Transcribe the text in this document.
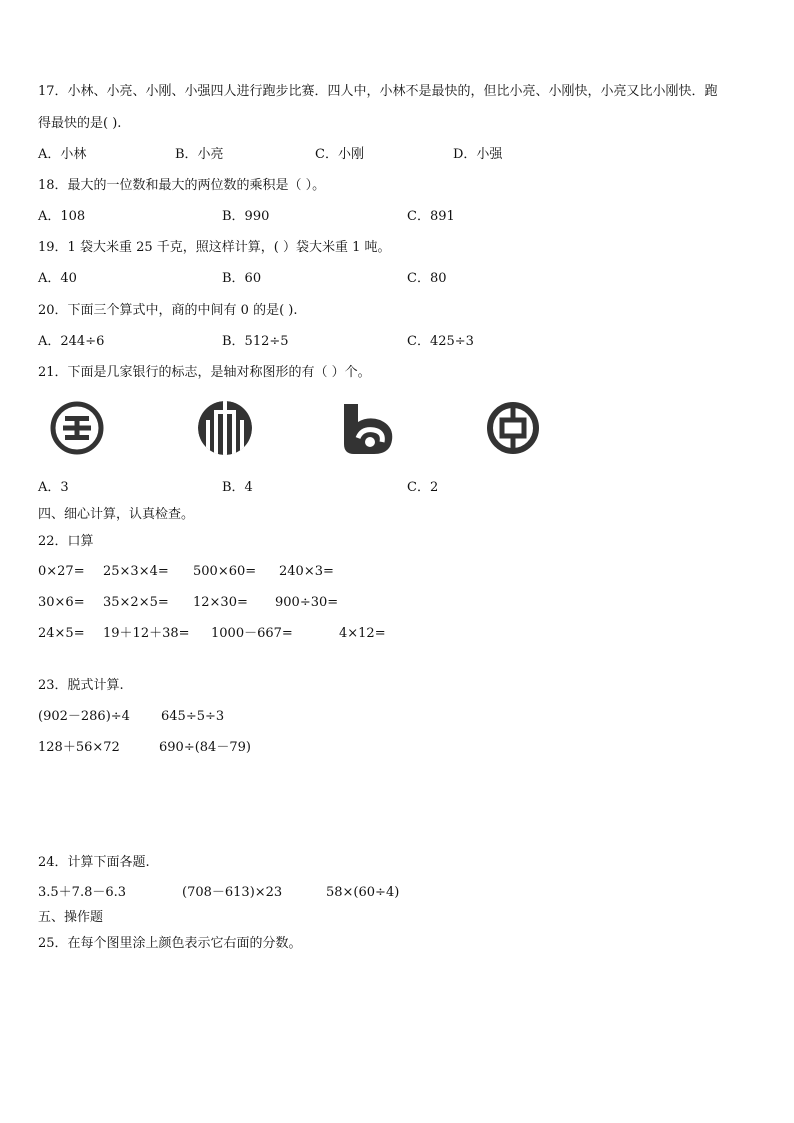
17．小林、小亮、小刚、小强四人进行跑步比赛．四人中，小林不是最快的，但比小亮、小刚快，小亮又比小刚快．跑
得最快的是( ).
A．小林	B．小亮	C．小刚	D．小强
18．最大的一位数和最大的两位数的乘积是（ ）。
A．108	B．990	C．891
19．1 袋大米重 25 千克，照这样计算，( ）袋大米重 1 吨。
A．40	B．60	C．80
20．下面三个算式中，商的中间有 0 的是( ).
A．244÷6	B．512÷5	C．425÷3
21．下面是几家银行的标志，是轴对称图形的有（ ）个。
A．3	B．4	C．2
四、细心计算，认真检查。
22．口算
0×27= 25×3×4= 500×60= 240×3=
30×6= 35×2×5= 12×30= 900÷30=
24×5= 19＋12＋38= 1000－667=	4×12=
23．脱式计算.
(902－286)÷4 645÷5÷3
128＋56×72	690÷(84－79)
24．计算下面各题.
3.5＋7.8－6.3	(708－613)×23	58×(60÷4)
五、操作题
25．在每个图里涂上颜色表示它右面的分数。
